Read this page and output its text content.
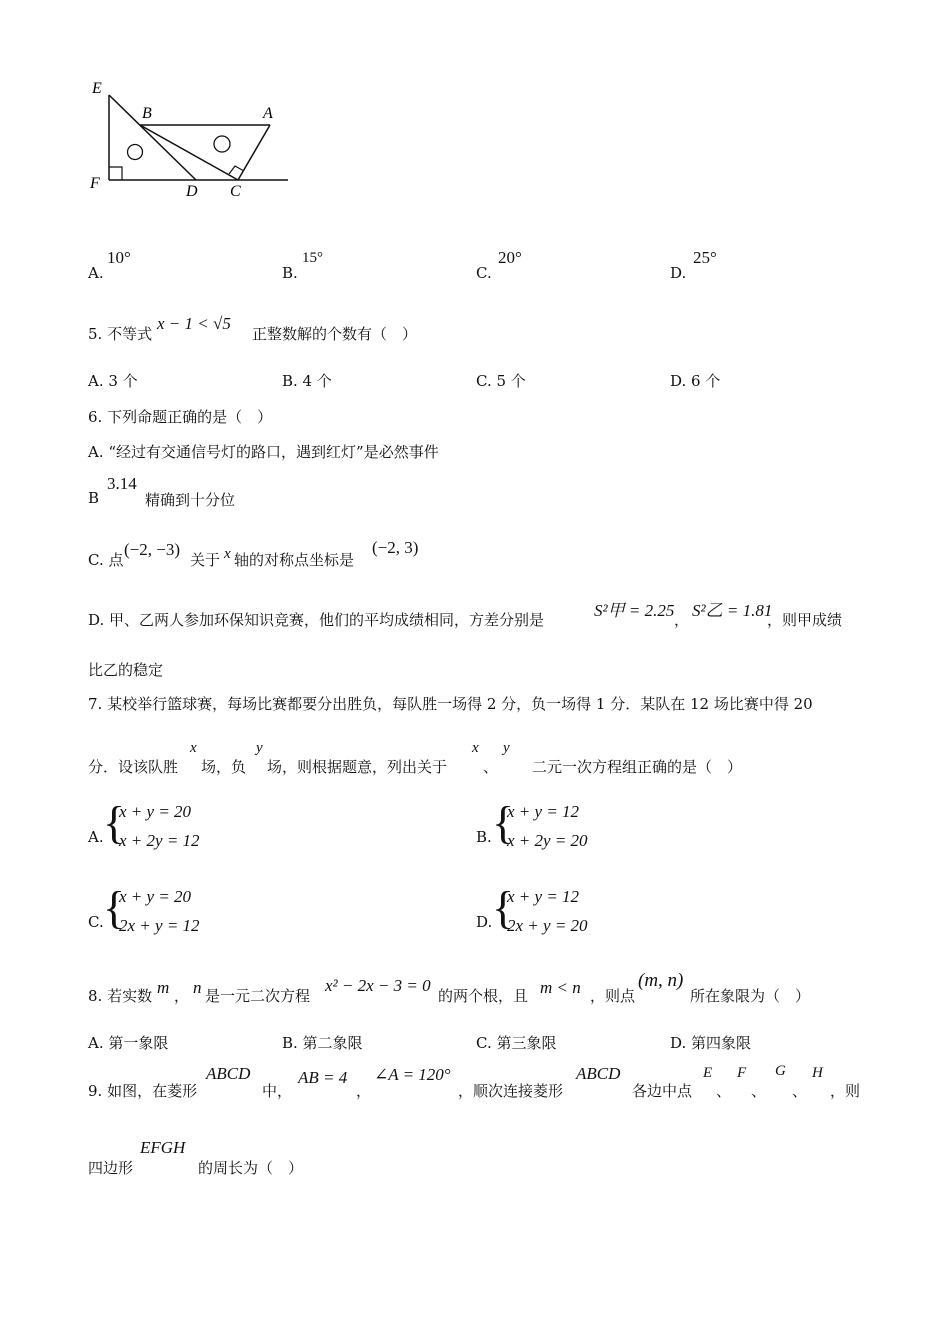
E
B	A
F	D C
A.
10°
B.
15°
C.
20°
D.
25°
5. 不等式
x − 1 < √5
正整数解的个数有（　）
A. 3 个	B. 4 个	C. 5 个	D. 6 个
6. 下列命题正确的是（　）
A. “经过有交通信号灯的路口，遇到红灯”是必然事件
B
3.14
精确到十分位
C. 点
(−2, −3)
关于 x 轴的对称点坐标是
(−2, 3)
D. 甲、乙两人参加环保知识竞赛，他们的平均成绩相同，方差分别是	S²甲 = 2.25 ， S²乙 = 1.81
，则甲成绩
比乙的稳定
7. 某校举行篮球赛，每场比赛都要分出胜负，每队胜一场得 2 分，负一场得 1 分．某队在 12 场比赛中得 20
分．设该队胜
x
场，负
y
场，则根据题意，列出关于
x
、
y
二元一次方程组正确的是（　）
A. {
x + y = 20
x + 2y = 12	B. {
x + y = 12
x + 2y = 20
C. {
x + y = 20
2x + y = 12	D. {
x + y = 12
2x + y = 20
8. 若实数 m ， n 是一元二次方程
x² − 2x − 3 = 0
的两个根，且 m < n ，则点
(m, n)
所在象限为（　）
A. 第一象限	B. 第二象限	C. 第三象限	D. 第四象限
9. 如图，在菱形
ABCD
中，
AB = 4
，
∠A = 120°
，顺次连接菱形
ABCD
各边中点
E
、
F
、
G
、
H
，则
四边形
EFGH
的周长为（　）
